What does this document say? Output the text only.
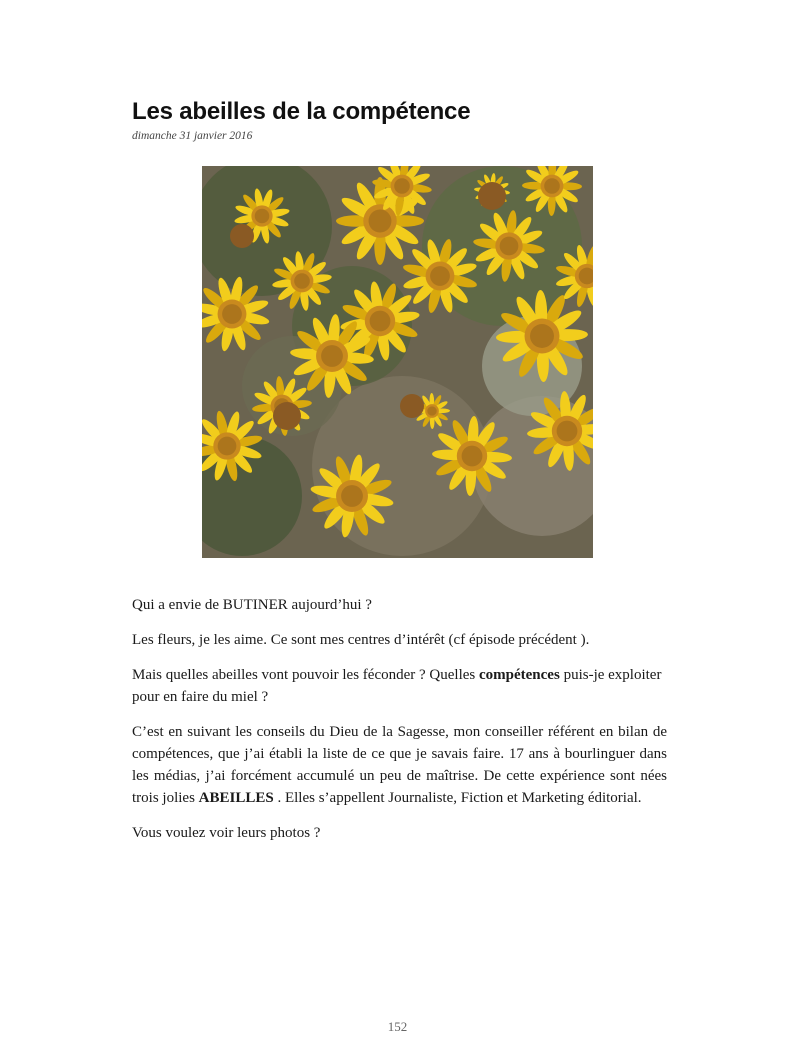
Les abeilles de la compétence
dimanche 31 janvier 2016

Qui a envie de BUTINER aujourd’hui ?

Les fleurs, je les aime. Ce sont mes centres d’intérêt (cf épisode précédent ).

Mais quelles abeilles vont pouvoir les féconder ? Quelles compétences puis-je exploiter pour en faire du miel ?

C’est en suivant les conseils du Dieu de la Sagesse, mon conseiller référent en bilan de compétences, que j’ai établi la liste de ce que je savais faire. 17 ans à bourlinguer dans les médias, j’ai forcément accumulé un peu de maîtrise. De cette expérience sont nées trois jolies ABEILLES . Elles s’appellent Journaliste, Fiction et Marketing éditorial.

Vous voulez voir leurs photos ?

152
